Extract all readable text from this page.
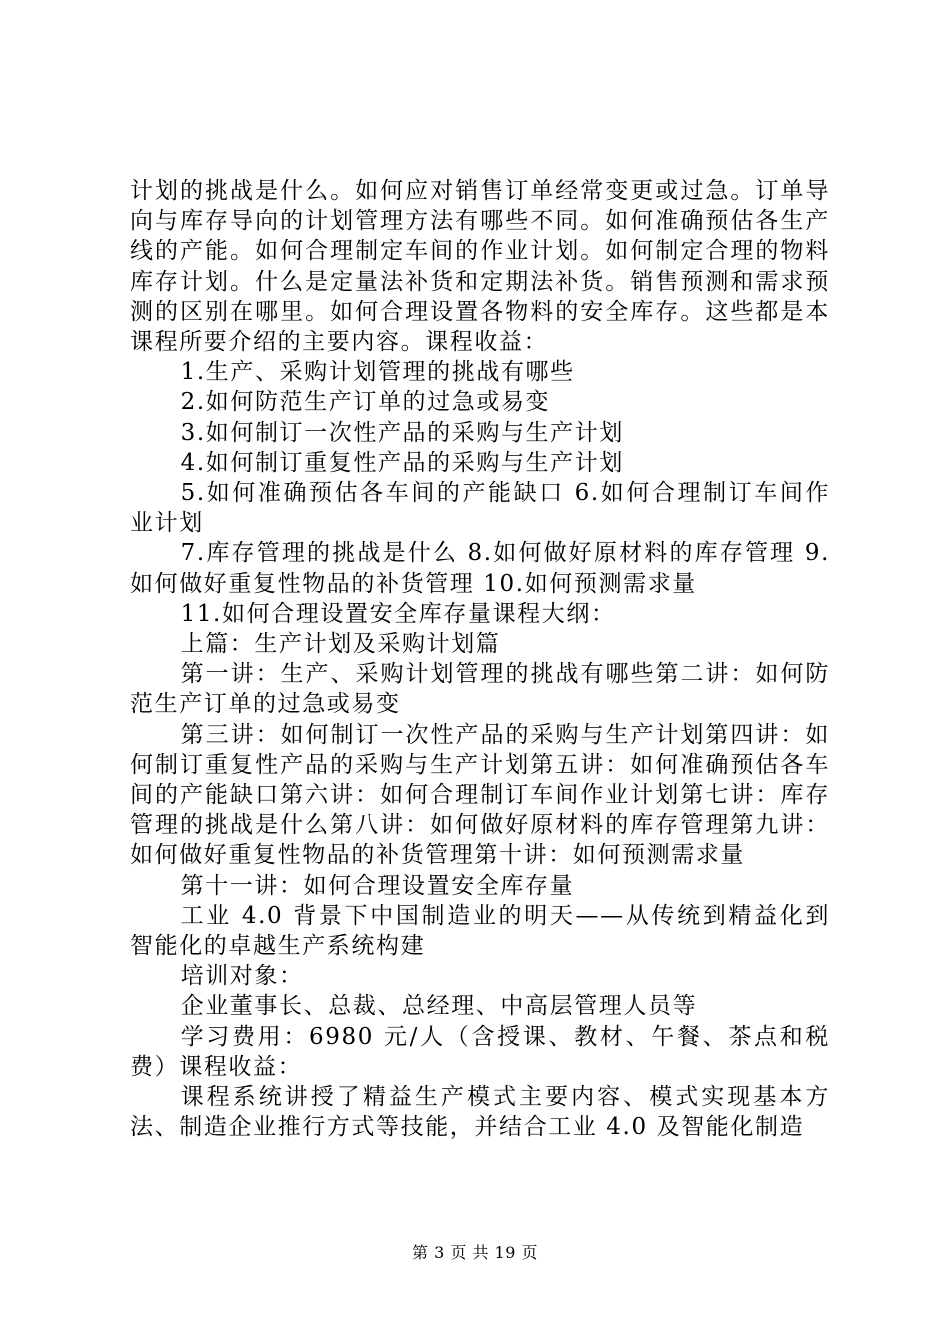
计划的挑战是什么。如何应对销售订单经常变更或过急。订单导向与库存导向的计划管理方法有哪些不同。如何准确预估各生产线的产能。如何合理制定车间的作业计划。如何制定合理的物料库存计划。什么是定量法补货和定期法补货。销售预测和需求预测的区别在哪里。如何合理设置各物料的安全库存。这些都是本课程所要介绍的主要内容。课程收益：

1.生产、采购计划管理的挑战有哪些

2.如何防范生产订单的过急或易变

3.如何制订一次性产品的采购与生产计划

4.如何制订重复性产品的采购与生产计划

5.如何准确预估各车间的产能缺口 6.如何合理制订车间作业计划

7.库存管理的挑战是什么 8.如何做好原材料的库存管理 9.如何做好重复性物品的补货管理 10.如何预测需求量

11.如何合理设置安全库存量课程大纲：

上篇：生产计划及采购计划篇

第一讲：生产、采购计划管理的挑战有哪些第二讲：如何防范生产订单的过急或易变

第三讲：如何制订一次性产品的采购与生产计划第四讲：如何制订重复性产品的采购与生产计划第五讲：如何准确预估各车间的产能缺口第六讲：如何合理制订车间作业计划第七讲：库存管理的挑战是什么第八讲：如何做好原材料的库存管理第九讲：如何做好重复性物品的补货管理第十讲：如何预测需求量

第十一讲：如何合理设置安全库存量

工业 4.0 背景下中国制造业的明天——从传统到精益化到智能化的卓越生产系统构建

培训对象：

企业董事长、总裁、总经理、中高层管理人员等

学习费用：6980 元/人（含授课、教材、午餐、茶点和税费）课程收益：

课程系统讲授了精益生产模式主要内容、模式实现基本方法、制造企业推行方式等技能，并结合工业 4.0 及智能化制造

第 3 页 共 19 页
